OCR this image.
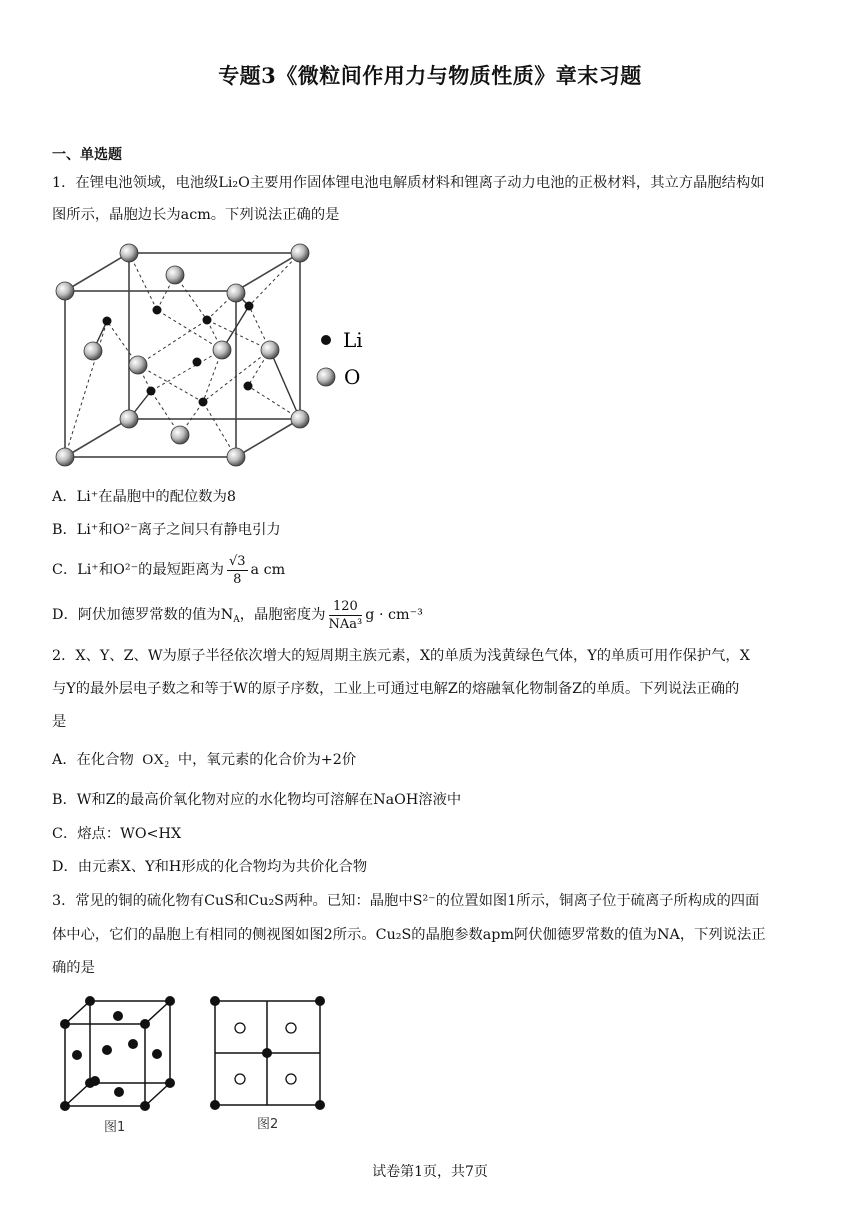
专题3《微粒间作用力与物质性质》章末习题
一、单选题
1．在锂电池领域，电池级Li₂O主要用作固体锂电池电解质材料和锂离子动力电池的正极材料，其立方晶胞结构如
图所示，晶胞边长为acm。下列说法正确的是
Li
O
A．Li⁺在晶胞中的配位数为8
B．Li⁺和O²⁻离子之间只有静电引力
C．Li⁺和O²⁻的最短距离为 $\frac{√3}{8}$ a cm
D．阿伏加德罗常数的值为$N_A$，晶胞密度为 $\frac{120}{\text{NAa³}}$ g · cm⁻³
2．X、Y、Z、W为原子半径依次增大的短周期主族元素，X的单质为浅黄绿色气体，Y的单质可用作保护气，X
与Y的最外层电子数之和等于W的原子序数，工业上可通过电解Z的熔融氧化物制备Z的单质。下列说法正确的
是
A．在化合物 OX₂ 中，氧元素的化合价为+2价
B．W和Z的最高价氧化物对应的水化物均可溶解在NaOH溶液中
C．熔点：WO<HX
D．由元素X、Y和H形成的化合物均为共价化合物
3．常见的铜的硫化物有CuS和Cu₂S两种。已知：晶胞中S²⁻的位置如图1所示，铜离子位于硫离子所构成的四面
体中心，它们的晶胞上有相同的侧视图如图2所示。Cu₂S的晶胞参数apm阿伏伽德罗常数的值为NA，下列说法正
确的是
图1	图2
试卷第1页，共7页
